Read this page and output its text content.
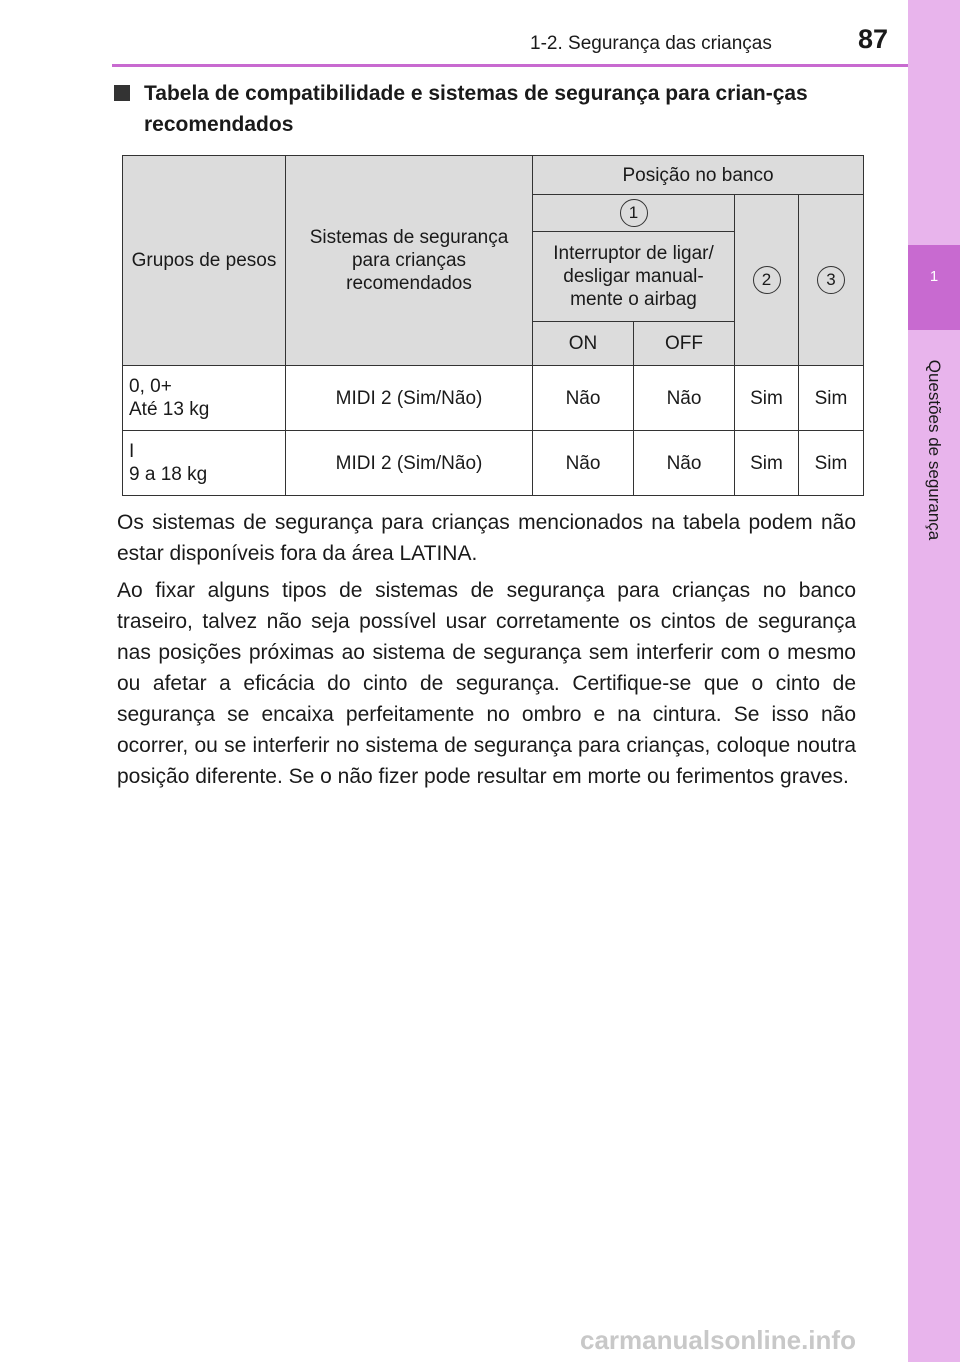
1
Questões de segurança
1-2. Segurança das crianças	87
Tabela de compatibilidade e sistemas de segurança para crian-ças recomendados
Grupos de pesos	Sistemas de segurança para crianças recomendados	Posição no banco			
		1		2	3
		Interruptor de ligar/ desligar manual-mente o airbag			
		ON	OFF		
0, 0+
Até 13 kg	MIDI 2 (Sim/Não)	Não	Não	Sim	Sim
I
9 a 18 kg	MIDI 2 (Sim/Não)	Não	Não	Sim	Sim
Os sistemas de segurança para crianças mencionados na tabela podem não estar disponíveis fora da área LATINA.
Ao fixar alguns tipos de sistemas de segurança para crianças no banco traseiro, talvez não seja possível usar corretamente os cintos de segurança nas posições próximas ao sistema de segurança sem interferir com o mesmo ou afetar a eficácia do cinto de segurança. Certifique-se que o cinto de segurança se encaixa perfeitamente no ombro e na cintura. Se isso não ocorrer, ou se interferir no sistema de segurança para crianças, coloque noutra posição diferente. Se o não fizer pode resultar em morte ou ferimentos graves.
carmanualsonline.info
